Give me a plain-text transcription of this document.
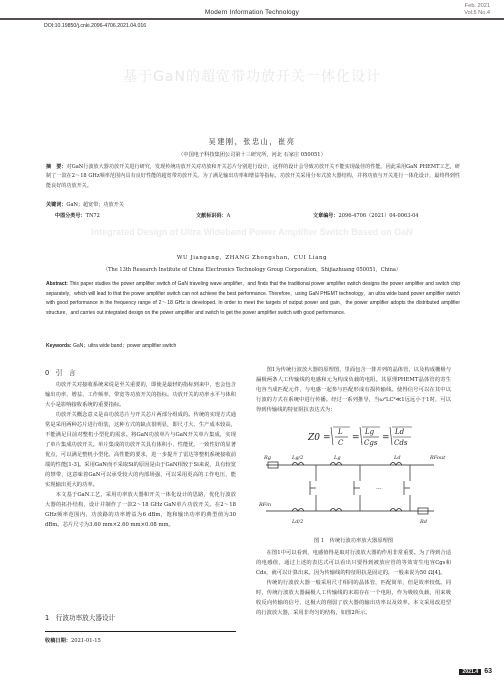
Modern Information Technology
Feb. 2021
Vol.5 No.4
DOI:10.19850/j.cnki.2096-4706.2021.04.016
基于GaN的超宽带功放开关一体化设计
吴建刚，张忠山，崔亮
（中国电子科技集团公司第十三研究所，河北 石家庄 050051）
摘　要：对GaN行波放大器功放开关进行研究，发现传统功放开关对功放和开关芯片分别进行设计，这样的设计会导致功放开关不能实现最佳的性能。因此采用GaN PHEMT工艺，研制了一款在2～18 GHz频率范围内具有良好性能的超宽带功放开关。为了满足输出功率和增益等指标，功放开关采用分布式放大器结构，并将功放与开关进行一体化设计，最终得到性能良好的功放开关。
关键词：GaN；超宽带；功放开关
中图分类号：TN72	文献标识码：A	文章编号：2096-4706（2021）04-0063-04
Integrated Design of Ultra Wideband Power Amplifier Switch Based on GaN
WU Jiangang，ZHANG Zhongshan，CUI Liang
（The 13th Research Institute of China Electronics Technology Group Corporation，Shijiazhuang 050051，China）
Abstract: This paper studies the power amplifier switch of GaN traveling wave amplifier，and finds that the traditional power amplifier switch designs the power amplifier and switch chip separately，which will lead to that the power amplifier switch can not achieve the best performance. Therefore，using GaN PHEMT technology，an ultra wide band power amplifier switch with good performance in the frequency range of 2～18 GHz is developed. In order to meet the targets of output power and gain，the power amplifier adopts the distributed amplifier structure，and carries out integrated design on the power amplifier and switch to get the power amplifier switch with good performance.
Keywords: GaN；ultra wide band；power amplifier switch
0　引　言

功放开关对接收系统来说是至关重要的，即使是最轻的指标到来中，也会包含输出功率、增益、工作频率、带宽等功放开关的指标。功放开关的功率水平与体积大小是影响接收系统的重要指标。

功放开关概念意义是由功放芯片与开关芯片两部分组成的。传统的实现方式通常是采用两种芯片进行组装，这种方式的缺点很明显，即尺寸大、生产成本较高，不能满足目前对整机小型化的需求。将GaN功放单片与GaN开关单片集成，实现了单片集成功放开关。单片集成的功放开关具有体积小、性能优、一致性好的显著优点，可以满足整机小型化、高性能的要求，进一步提升了雷达等整机系统接收前端的性能[1-3]。采用GaN而不采取Si的原因是由于GaN相较于Si来说，具有较宽的禁带，这意味着GaN可以承受较大的内部场强，可以采用更高的工作电压，能实现输出更大的功率。

本文基于GaN工艺，采用功率放大器和开关一体化设计的思路，优化行波放大器的拓扑结构，设计并制作了一款2～18 GHz GaN单片功放开关。在2～18 GHz频率范围内，功放路的功率增益为6 dBm，饱和输出功率的典型值为30 dBm。芯片尺寸为3.60 mm×2.60 mm×0.08 mm。

1　行波功率放大器设计
收稿日期：2021-01-15

图1为传统行波放大器的原理图，里面包含一排并列的晶体管，以及构成栅极与漏极两条人工传输线的电感和元为构成负载的电阻。其原理PHEMT晶体管的寄生电容当成匹配元件，与电感一起参与匹配形成有损传输线。使得信号可以在其中以行波的方式在系统中进行传播。经过一系列推导，当ω²LC²≪1远远小于1时，可以得到传输线的特征阻抗表达式为：

Z0 =
L
C =
Lg
Cgs =
Ld
Cds
Rg	Lg/2	Lg	Ld	RFout
RFin
Ld/2	Rd
···
图 1　传统行波功率放大器原理图

在图1中可以看到，电感值得是取对行波放大器的作用非常重要。为了得到合适的电感值，通过上述的表达式可以看出只要得到被放应管的等效寄生电容Cgs和Cds，就可以计算出来。因为传输线的特征阻抗是固定的，一般来说为50 Ω[4]。

传统的行波放大器一般采用尺寸相同的晶体管，匹配简单，但是效率较低。同时，传统行波放大器漏极人工传输线的末端存在一个电阻，作为吸收负载，用来吸收反向传输的信号，这极大的削弱了放大器的输出功率以及效率。本文采用改进型的行波放大器，采用非均匀的结构，如图2所示。

2021.4 63
